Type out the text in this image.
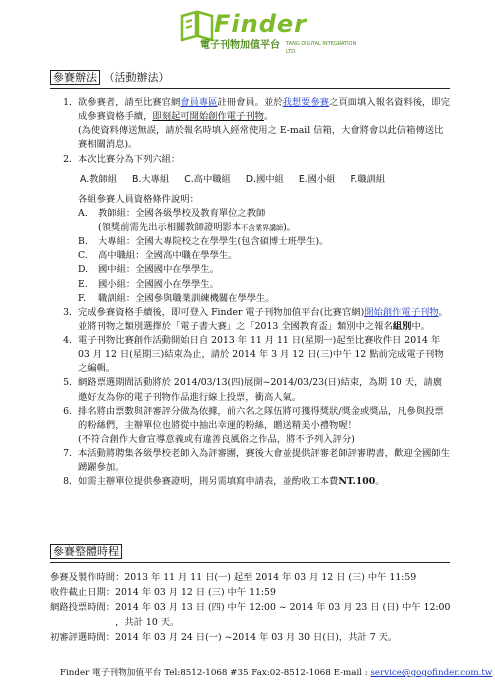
Finder
電子刊物加值平台 TANG DIGITAL INTEGRATION LTD.
參賽辦法 （活動辦法）
1. 欲參賽者，請至比賽官網會員專區註冊會員。並於我想要參賽之頁面填入報名資料後，即完成參賽資格手續，即刻起可開始創作電子刊物。
(為使資料傳送無誤，請於報名時填入經常使用之 E-mail 信箱，大會將會以此信箱傳送比賽相關消息)。
2. 本次比賽分為下列六組：
A.教師組 B.大專組 C.高中職組 D.國中組 E.國小組 F.職訓組
各組參賽人員資格條件說明：
A.	教師組：全國各級學校及教育單位之教師
(領獎前需先出示相關教師證明影本不含業界講師)。
B.	大專組：全國大專院校之在學學生(包含碩博士班學生)。
C.	高中職組：全國高中職在學學生。
D.	國中組：全國國中在學學生。
E.	國小組：全國國小在學學生。
F.	職訓組：全國參與職業訓練機關在學學生。
3. 完成參賽資格手續後，即可登入 Finder 電子刊物加值平台(比賽官網)開始創作電子刊物。並將刊物之類別選擇於「電子書大賽」之「2013 全國教育盃」類別中之報名組別中。
4. 電子刊物比賽創作活動開始日自 2013 年 11 月 11 日(星期一)起至比賽收件日 2014 年 03 月 12 日(星期三)結束為止，請於 2014 年 3 月 12 日(三)中午 12 點前完成電子刊物之編輯。
5. 網路票選期間活動將於 2014/03/13(四)展開~2014/03/23(日)結束，為期 10 天，請廣邀好友為你的電子刊物作品進行線上投票，衝高人氣。
6. 排名將由票數與評審評分做為依據，前六名之隊伍將可獲得獎狀/獎金或獎品，凡參與投票的粉絲們，主辦單位也將從中抽出幸運的粉絲，贈送精美小禮物喔！
(不符合創作大會宣導意義或有違善良風俗之作品，將不予列入評分)
7. 本活動將聘集各級學校老師入為評審團，賽後大會並提供評審老師評審聘書，歡迎全國師生踴躍參加。
8. 如需主辦單位提供參賽證明，則另需填寫申請表，並酌收工本費NT.100。
參賽整體時程
參賽及製作時間：2013 年 11 月 11 日(一) 起至 2014 年 03 月 12 日 (三) 中午 11:59
收件截止日期：2014 年 03 月 12 日 (三) 中午 11:59
網路投票時間：2014 年 03 月 13 日 (四) 中午 12:00 ~ 2014 年 03 月 23 日 (日) 中午 12:00
　　　　　　　，共計 10 天。
初審評選時間：2014 年 03 月 24 日(一) ~2014 年 03 月 30 日(日)，共計 7 天。
Finder 電子刊物加值平台 Tel:8512-1068 #35 Fax:02-8512-1068 E-mail : service@gogofinder.com.tw
